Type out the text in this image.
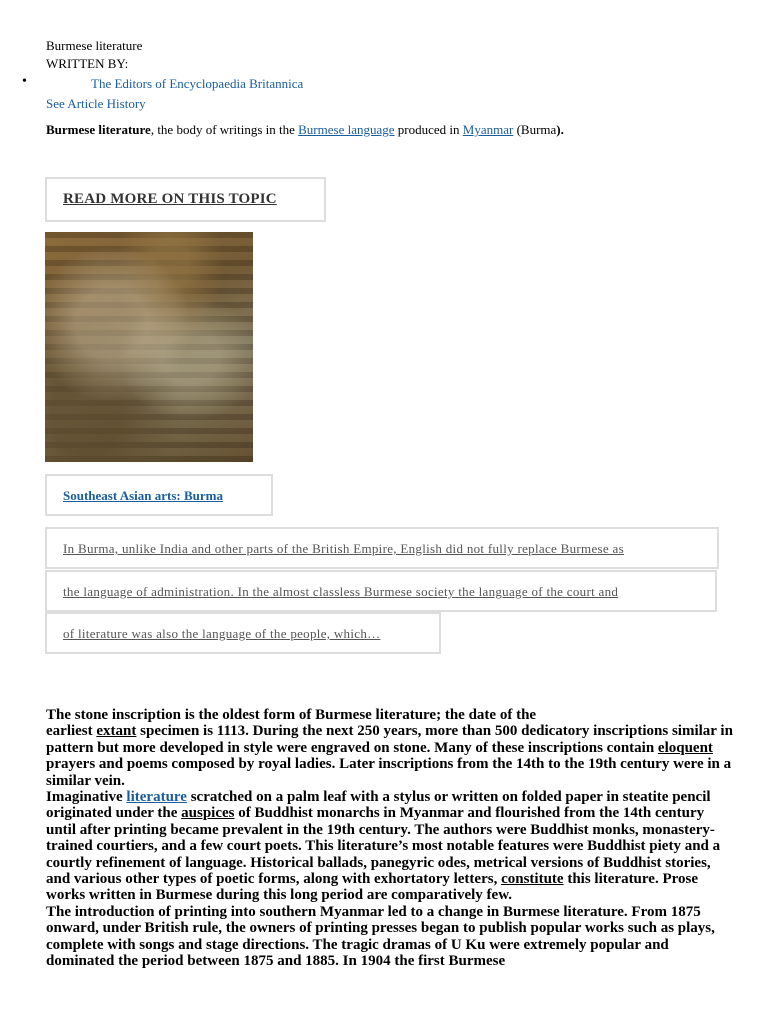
Burmese literature
WRITTEN BY:
•	The Editors of Encyclopaedia Britannica
See Article History
Burmese literature, the body of writings in the Burmese language produced in Myanmar (Burma).
READ MORE ON THIS TOPIC
Southeast Asian arts: Burma
In Burma, unlike India and other parts of the British Empire, English did not fully replace Burmese as
the language of administration. In the almost classless Burmese society the language of the court and
of literature was also the language of the people, which…

The stone inscription is the oldest form of Burmese literature; the date of the
earliest extant specimen is 1113. During the next 250 years, more than 500 dedicatory inscriptions similar in pattern but more developed in style were engraved on stone. Many of these inscriptions contain eloquent prayers and poems composed by royal ladies. Later inscriptions from the 14th to the 19th century were in a similar vein.

Imaginative literature scratched on a palm leaf with a stylus or written on folded paper in steatite pencil originated under the auspices of Buddhist monarchs in Myanmar and flourished from the 14th century until after printing became prevalent in the 19th century. The authors were Buddhist monks, monastery-trained courtiers, and a few court poets. This literature’s most notable features were Buddhist piety and a courtly refinement of language. Historical ballads, panegyric odes, metrical versions of Buddhist stories, and various other types of poetic forms, along with exhortatory letters, constitute this literature. Prose works written in Burmese during this long period are comparatively few.

The introduction of printing into southern Myanmar led to a change in Burmese literature. From 1875 onward, under British rule, the owners of printing presses began to publish popular works such as plays, complete with songs and stage directions. The tragic dramas of U Ku were extremely popular and dominated the period between 1875 and 1885. In 1904 the first Burmese
